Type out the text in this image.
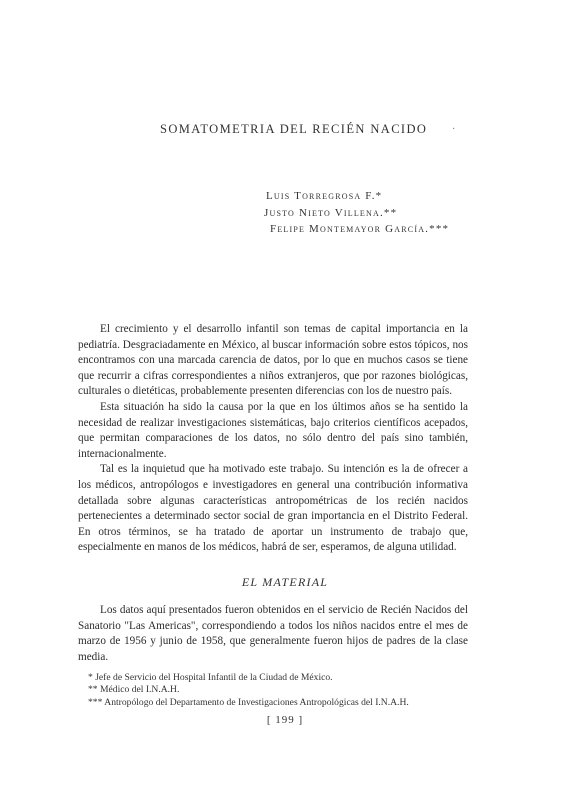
SOMATOMETRIA DEL RECIÉN NACIDO	·
Luis Torregrosa F.*
Justo Nieto Villena.**
Felipe Montemayor García.***

El crecimiento y el desarrollo infantil son temas de capital importancia en la pediatría. Desgraciadamente en México, al buscar información sobre estos tópicos, nos encontramos con una marcada carencia de datos, por lo que en muchos casos se tiene que recurrir a cifras correspondientes a niños extranjeros, que por razones biológicas, culturales o dietéticas, probablemente presenten diferencias con los de nuestro país.

Esta situación ha sido la causa por la que en los últimos años se ha sentido la necesidad de realizar investigaciones sistemáticas, bajo criterios científicos acepados, que permitan comparaciones de los datos, no sólo dentro del país sino también, internacionalmente.

Tal es la inquietud que ha motivado este trabajo. Su intención es la de ofrecer a los médicos, antropólogos e investigadores en general una contribución informativa detallada sobre algunas características antropométricas de los recién nacidos pertenecientes a determinado sector social de gran importancia en el Distrito Federal. En otros términos, se ha tratado de aportar un instrumento de trabajo que, especialmente en manos de los médicos, habrá de ser, esperamos, de alguna utilidad.

EL MATERIAL

Los datos aquí presentados fueron obtenidos en el servicio de Recién Nacidos del Sanatorio "Las Americas", correspondiendo a todos los niños nacidos entre el mes de marzo de 1956 y junio de 1958, que generalmente fueron hijos de padres de la clase media.

* Jefe de Servicio del Hospital Infantil de la Ciudad de México.
** Médico del I.N.A.H.
*** Antropólogo del Departamento de Investigaciones Antropológicas del I.N.A.H.
[ 199 ]
